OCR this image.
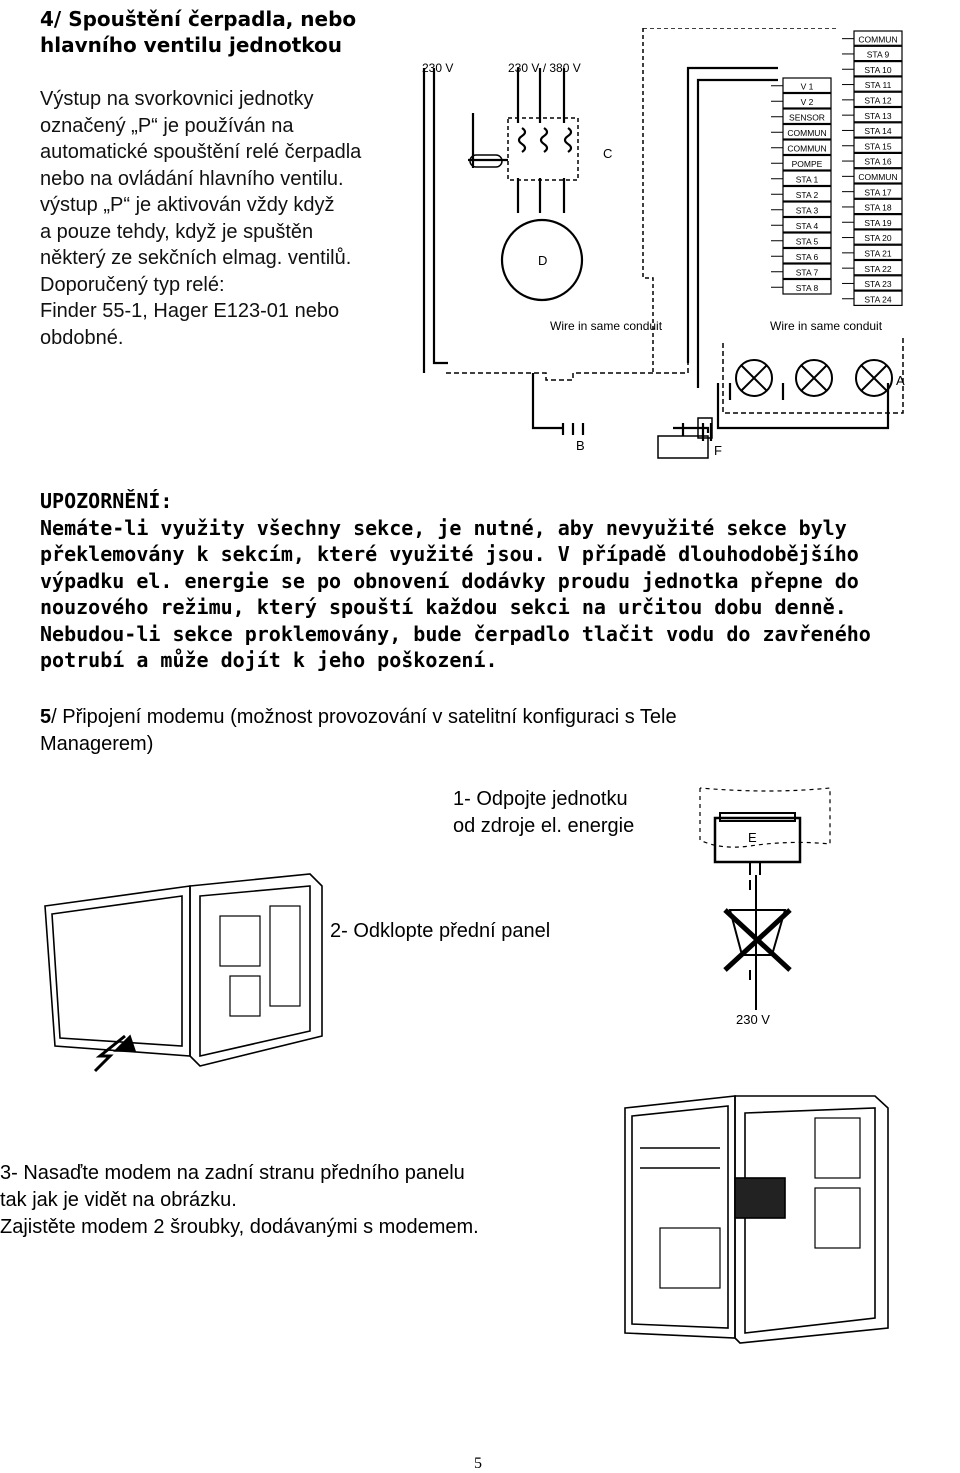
4/ Spouštění čerpadla, nebo
hlavního ventilu jednotkou
Výstup na svorkovnici jednotky
označený „P“ je používán na
automatické spouštění relé čerpadla
nebo na ovládání hlavního ventilu.
výstup „P“ je aktivován vždy když
a pouze tehdy, když je spuštěn
některý ze sekčních elmag. ventilů.
Doporučený typ relé:
Finder 55-1, Hager E123-01 nebo
obdobné.
230 V	230 V / 380 V
C
D
A
B	F
Wire in same conduit	Wire in same conduit
V 1
V 2
SENSOR
COMMUN
COMMUN
POMPE
STA 1
STA 2
STA 3
STA 4
STA 5
STA 6
STA 7
STA 8
COMMUN
STA 9
STA 10
STA 11
STA 12
STA 13
STA 14
STA 15
STA 16
COMMUN
STA 17
STA 18
STA 19
STA 20
STA 21
STA 22
STA 23
STA 24
UPOZORNĚNÍ:
Nemáte-li využity všechny sekce, je nutné, aby nevyužité sekce byly
překlemovány k sekcím, které využité jsou. V případě dlouhodobějšího
výpadku el. energie se po obnovení dodávky proudu jednotka přepne do
nouzového režimu, který spouští každou sekci na určitou dobu denně.
Nebudou-li sekce proklemovány, bude čerpadlo tlačit vodu do zavřeného
potrubí a může dojít k jeho poškození.
5/ Připojení modemu (možnost provozování v satelitní konfiguraci s Tele
Managerem)
1- Odpojte jednotku
od zdroje el. energie
2- Odklopte přední panel
3- Nasaďte modem na zadní stranu předního panelu
tak jak je vidět na obrázku.
Zajistěte modem 2 šroubky, dodávanými s modemem.
E
230 V
5
